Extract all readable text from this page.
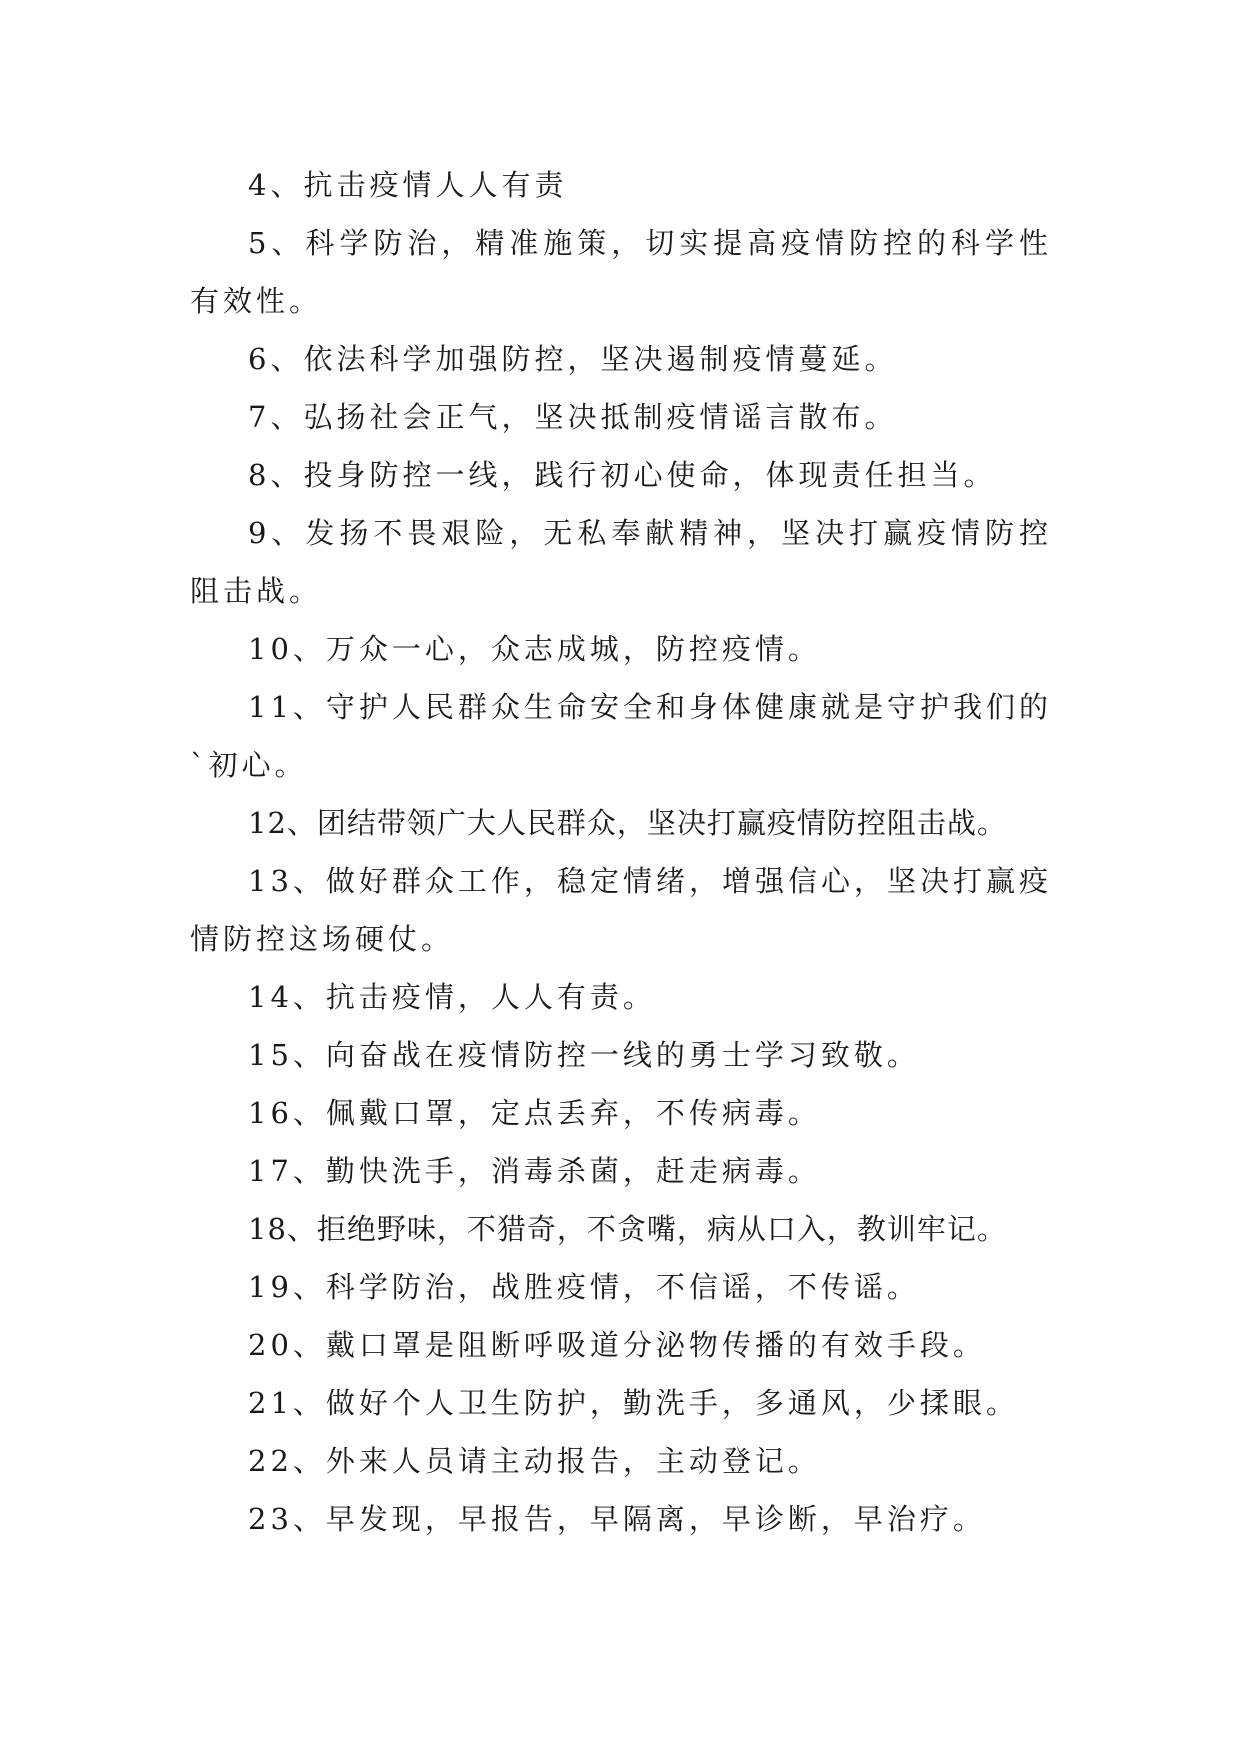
4、抗击疫情人人有责

5、科学防治，精准施策，切实提高疫情防控的科学性有效性。

6、依法科学加强防控，坚决遏制疫情蔓延。

7、弘扬社会正气，坚决抵制疫情谣言散布。

8、投身防控一线，践行初心使命，体现责任担当。

9、发扬不畏艰险，无私奉献精神，坚决打赢疫情防控阻击战。

10、万众一心，众志成城，防控疫情。

11、守护人民群众生命安全和身体健康就是守护我们的`初心。

12、团结带领广大人民群众，坚决打赢疫情防控阻击战。

13、做好群众工作，稳定情绪，增强信心，坚决打赢疫情防控这场硬仗。

14、抗击疫情，人人有责。

15、向奋战在疫情防控一线的勇士学习致敬。

16、佩戴口罩，定点丢弃，不传病毒。

17、勤快洗手，消毒杀菌，赶走病毒。

18、拒绝野味，不猎奇，不贪嘴，病从口入，教训牢记。

19、科学防治，战胜疫情，不信谣，不传谣。

20、戴口罩是阻断呼吸道分泌物传播的有效手段。

21、做好个人卫生防护，勤洗手，多通风，少揉眼。

22、外来人员请主动报告，主动登记。

23、早发现，早报告，早隔离，早诊断，早治疗。
